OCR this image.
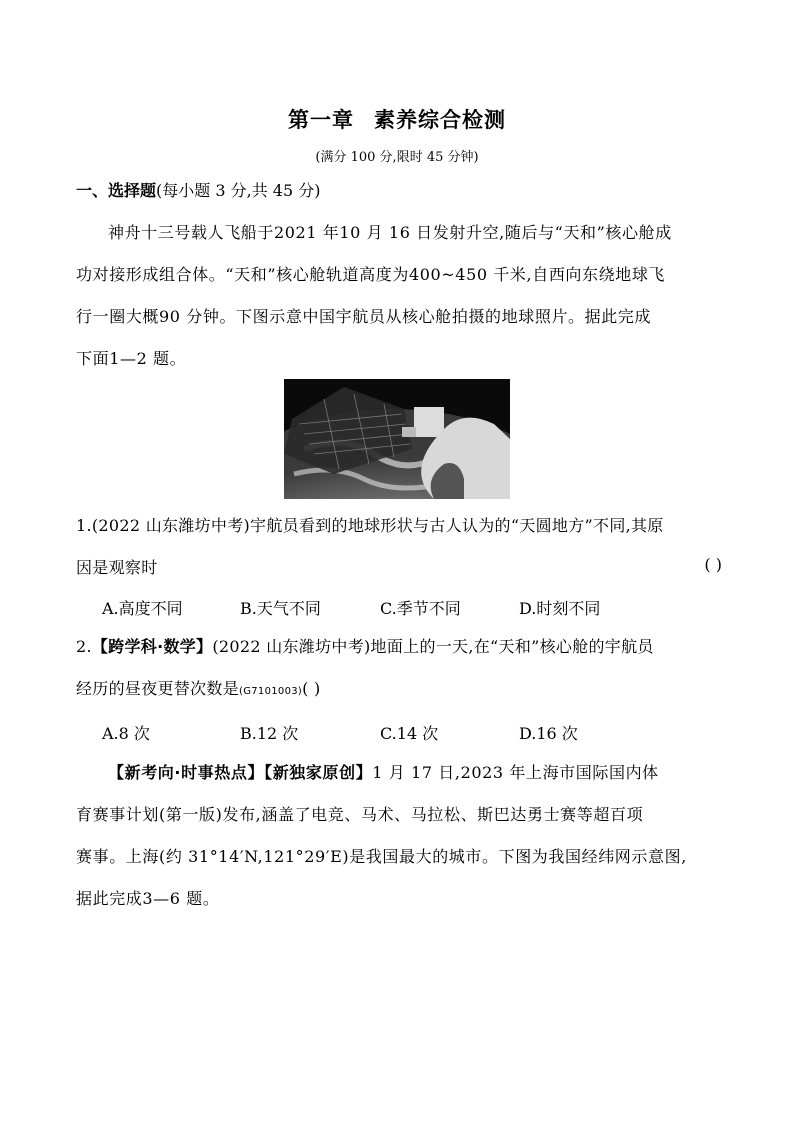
第一章 素养综合检测
(满分 100 分,限时 45 分钟)
一、选择题(每小题 3 分,共 45 分)
神舟十三号载人飞船于2021 年10 月 16 日发射升空,随后与“天和”核心舱成
功对接形成组合体。“天和”核心舱轨道高度为400~450 千米,自西向东绕地球飞
行一圈大概90 分钟。下图示意中国宇航员从核心舱拍摄的地球照片。据此完成
下面1—2 题。
1.(2022 山东潍坊中考)宇航员看到的地球形状与古人认为的“天圆地方”不同,其原
因是观察时	( )
A.高度不同	B.天气不同	C.季节不同	D.时刻不同
2.【跨学科·数学】(2022 山东潍坊中考)地面上的一天,在“天和”核心舱的宇航员
经历的昼夜更替次数是(G7101003)( )
A.8 次	B.12 次	C.14 次	D.16 次
【新考向·时事热点】【新独家原创】1 月 17 日,2023 年上海市国际国内体
育赛事计划(第一版)发布,涵盖了电竞、马术、马拉松、斯巴达勇士赛等超百项
赛事。上海(约 31°14′N,121°29′E)是我国最大的城市。下图为我国经纬网示意图,
据此完成3—6 题。
